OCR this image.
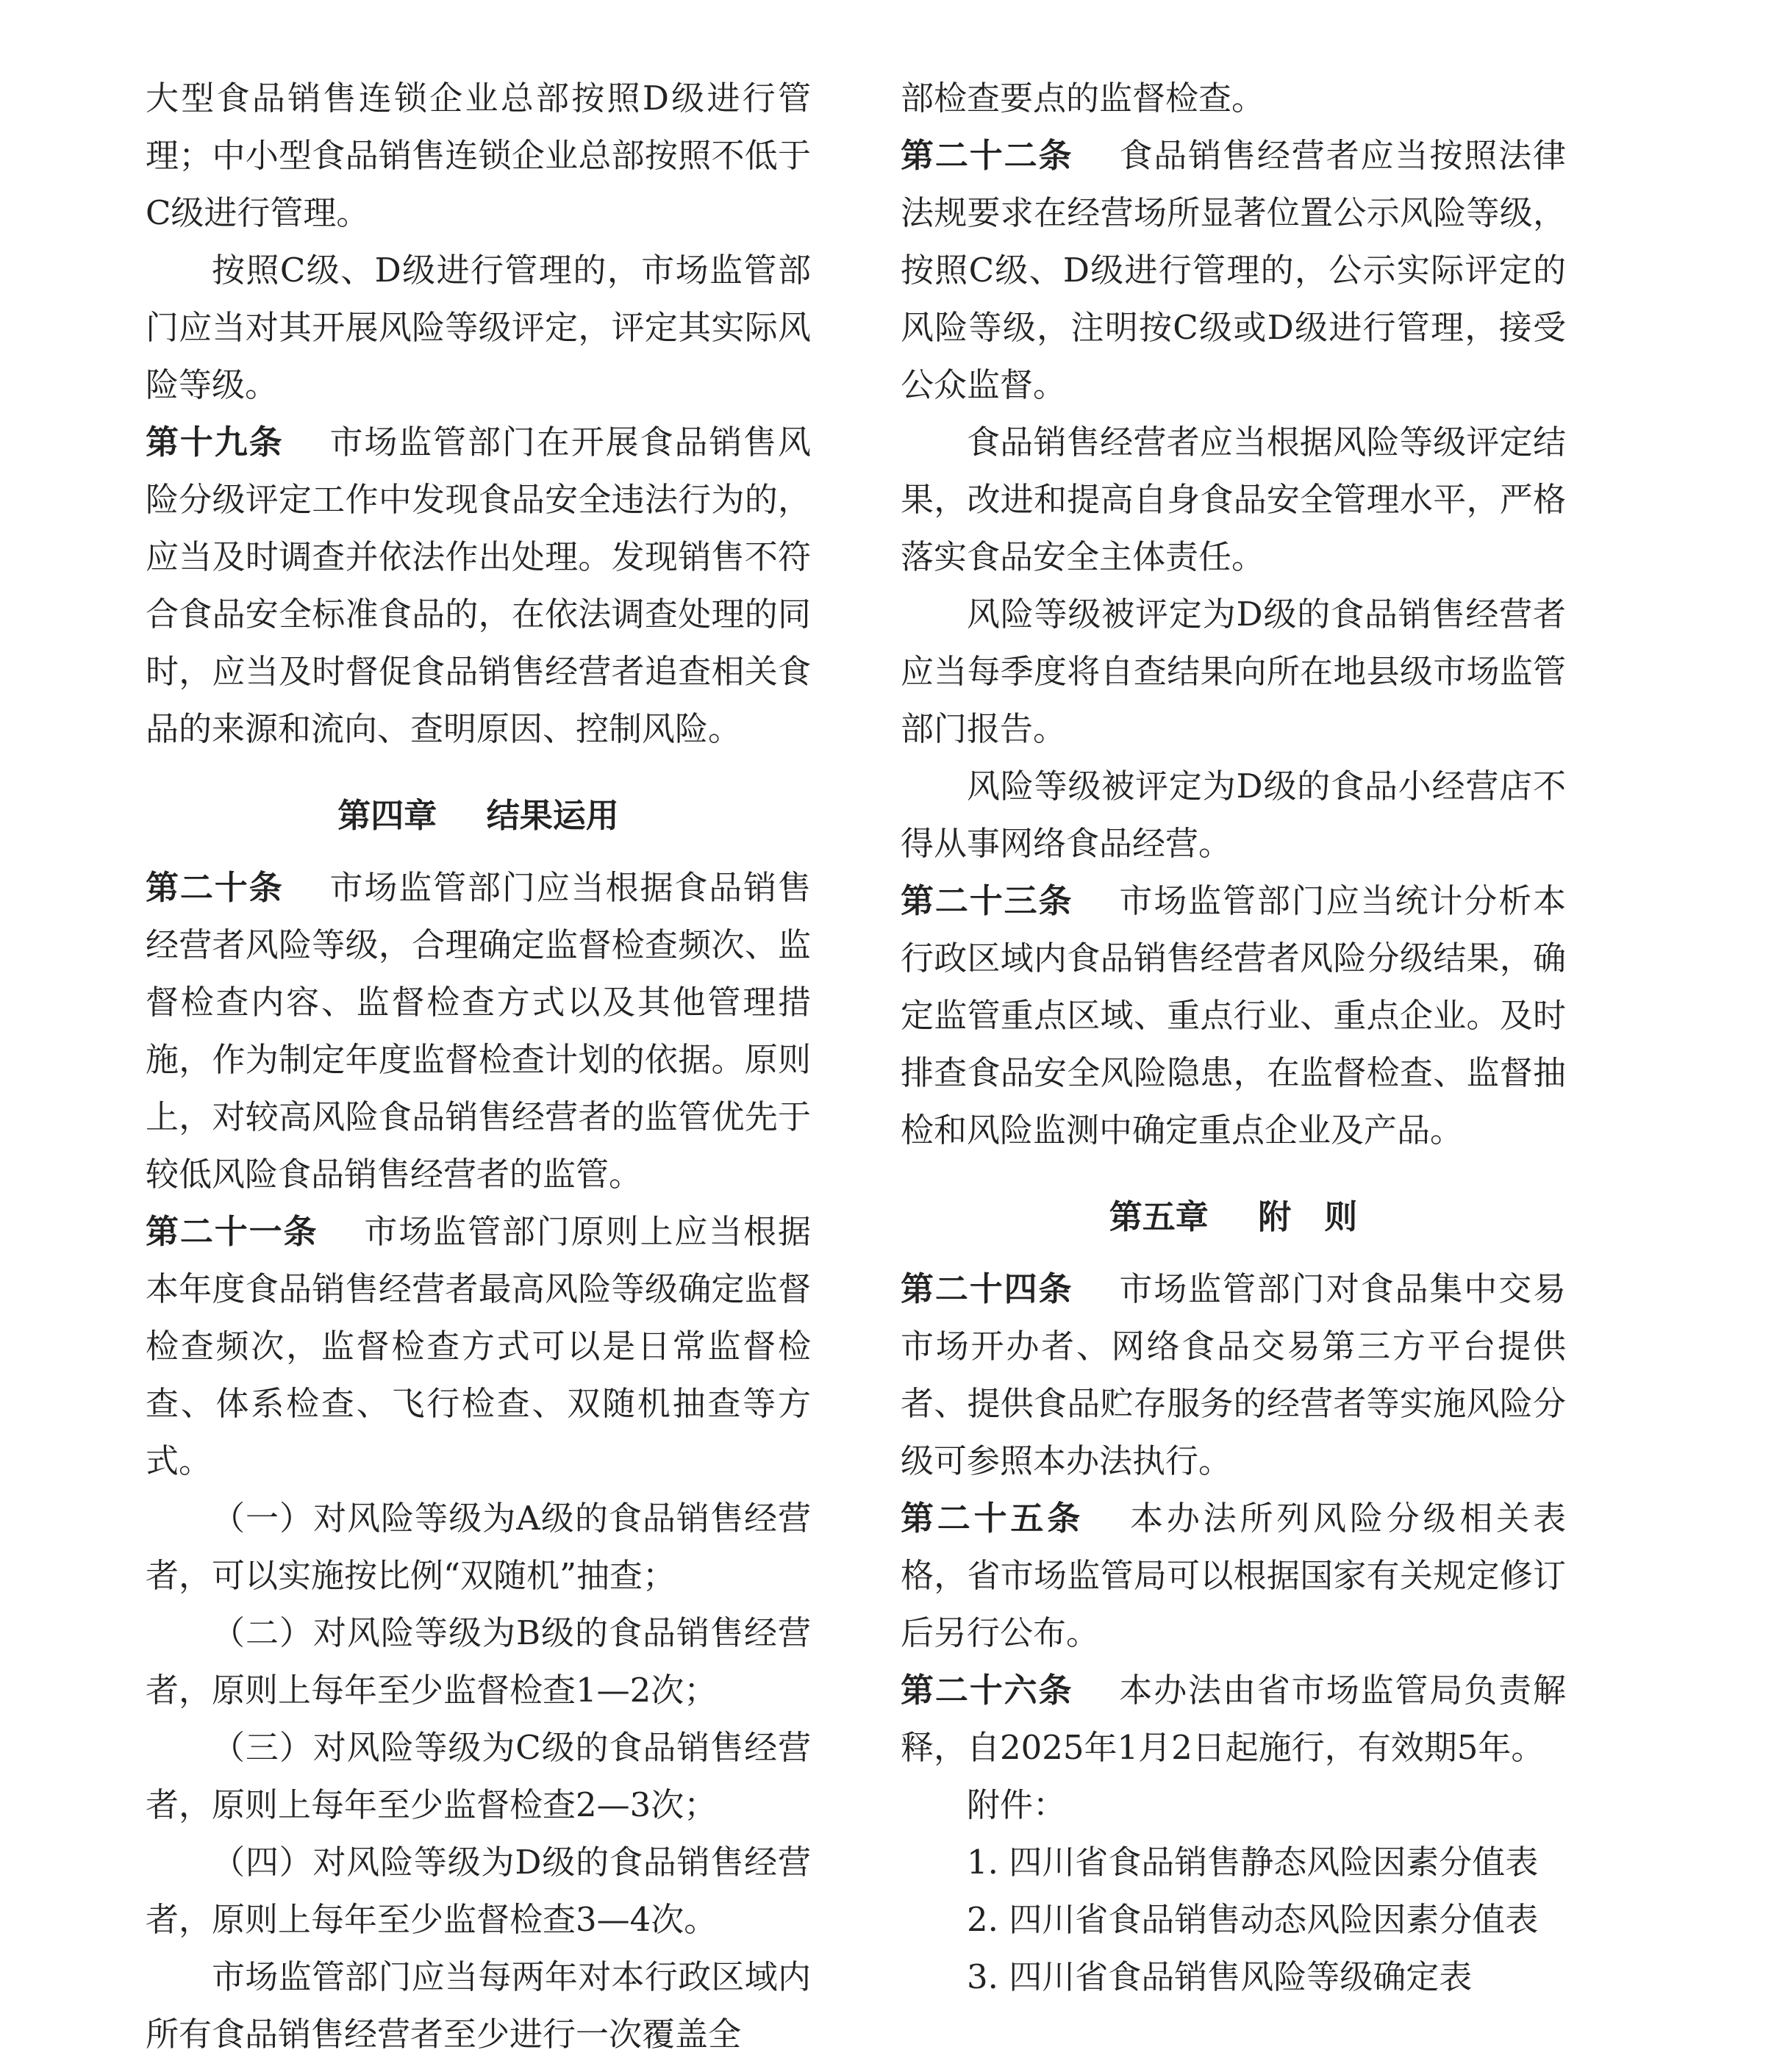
大型食品销售连锁企业总部按照D级进行管理；中小型食品销售连锁企业总部按照不低于C级进行管理。

按照C级、D级进行管理的，市场监管部门应当对其开展风险等级评定，评定其实际风险等级。

第十九条 市场监管部门在开展食品销售风险分级评定工作中发现食品安全违法行为的，应当及时调查并依法作出处理。发现销售不符合食品安全标准食品的，在依法调查处理的同时，应当及时督促食品销售经营者追查相关食品的来源和流向、查明原因、控制风险。

第四章 结果运用

第二十条 市场监管部门应当根据食品销售经营者风险等级，合理确定监督检查频次、监督检查内容、监督检查方式以及其他管理措施，作为制定年度监督检查计划的依据。原则上，对较高风险食品销售经营者的监管优先于较低风险食品销售经营者的监管。

第二十一条 市场监管部门原则上应当根据本年度食品销售经营者最高风险等级确定监督检查频次，监督检查方式可以是日常监督检查、体系检查、飞行检查、双随机抽查等方式。

（一）对风险等级为A级的食品销售经营者，可以实施按比例“双随机”抽查；

（二）对风险等级为B级的食品销售经营者，原则上每年至少监督检查1—2次；

（三）对风险等级为C级的食品销售经营者，原则上每年至少监督检查2—3次；

（四）对风险等级为D级的食品销售经营者，原则上每年至少监督检查3—4次。

市场监管部门应当每两年对本行政区域内所有食品销售经营者至少进行一次覆盖全

部检查要点的监督检查。

第二十二条 食品销售经营者应当按照法律法规要求在经营场所显著位置公示风险等级，按照C级、D级进行管理的，公示实际评定的风险等级，注明按C级或D级进行管理，接受公众监督。

食品销售经营者应当根据风险等级评定结果，改进和提高自身食品安全管理水平，严格落实食品安全主体责任。

风险等级被评定为D级的食品销售经营者应当每季度将自查结果向所在地县级市场监管部门报告。

风险等级被评定为D级的食品小经营店不得从事网络食品经营。

第二十三条 市场监管部门应当统计分析本行政区域内食品销售经营者风险分级结果，确定监管重点区域、重点行业、重点企业。及时排查食品安全风险隐患，在监督检查、监督抽检和风险监测中确定重点企业及产品。

第五章 附　则

第二十四条 市场监管部门对食品集中交易市场开办者、网络食品交易第三方平台提供者、提供食品贮存服务的经营者等实施风险分级可参照本办法执行。

第二十五条 本办法所列风险分级相关表格，省市场监管局可以根据国家有关规定修订后另行公布。

第二十六条 本办法由省市场监管局负责解释，自2025年1月2日起施行，有效期5年。

附件：

1. 四川省食品销售静态风险因素分值表

2. 四川省食品销售动态风险因素分值表

3. 四川省食品销售风险等级确定表
